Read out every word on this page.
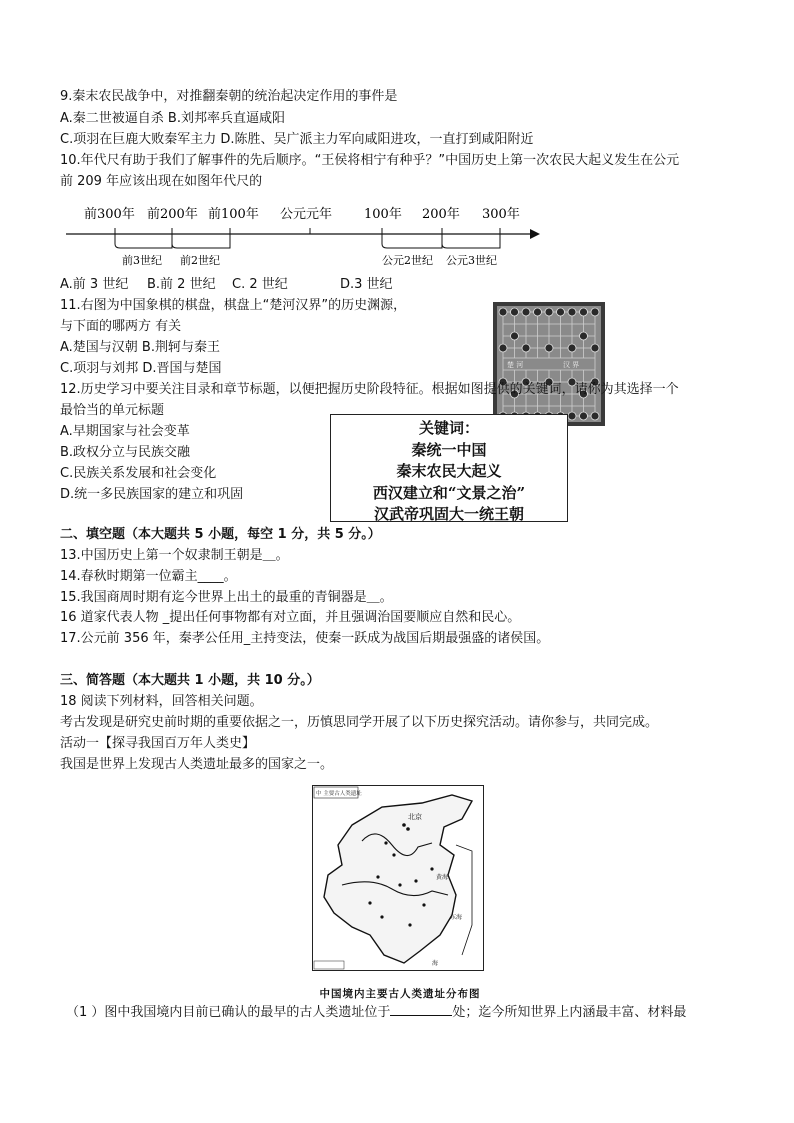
9.秦末农民战争中，对推翻秦朝的统治起决定作用的事件是
A.秦二世被逼自杀 B.刘邦率兵直逼咸阳
C.项羽在巨鹿大败秦军主力 D.陈胜、吴广派主力军向咸阳进攻，一直打到咸阳附近
10.年代尺有助于我们了解事件的先后顺序。“王侯将相宁有种乎？”中国历史上第一次农民大起义发生在公元
前 209 年应该出现在如图年代尺的
前300年 前200年 前100年 公元元年 100年 200年 300年
前3世纪 前2世纪	公元2世纪 公元3世纪
A.前 3 世纪 B.前 2 世纪 C. 2 世纪	D.3 世纪
11.右图为中国象棋的棋盘，棋盘上“楚河汉界”的历史渊源，
与下面的哪两方 有关
A.楚国与汉朝 B.荆轲与秦王
C.项羽与刘邦 D.晋国与楚国	楚 河	汉 界
12.历史学习中要关注目录和章节标题，以便把握历史阶段特征。根据如图提供的关键词，请你为其选择一个
最恰当的单元标题
A.早期国家与社会变革
B.政权分立与民族交融
C.民族关系发展和社会变化
D.统一多民族国家的建立和巩固
关键词：
秦统一中国
秦末农民大起义
西汉建立和“文景之治”
汉武帝巩固大一统王朝
二、填空题（本大题共 5 小题，每空 1 分，共 5 分。）
13.中国历史上第一个奴隶制王朝是＿。
14.春秋时期第一位霸主____。
15.我国商周时期有迄今世界上出土的最重的青铜器是＿。
16 道家代表人物 _提出任何事物都有对立面，并且强调治国要顺应自然和民心。
17.公元前 356 年，秦孝公任用_主持变法，使秦一跃成为战国后期最强盛的诸侯国。
三、简答题（本大题共 1 小题，共 10 分。）
18 阅读下列材料，回答相关问题。
考古发现是研究史前时期的重要依据之一，历慎思同学开展了以下历史探究活动。请你参与，共同完成。
活动一【探寻我国百万年人类史】
我国是世界上发现古人类遗址最多的国家之一。
中 主要古人类遗址
北京
黄海
东海
海
中国境内主要古人类遗址分布图
（1 ）图中我国境内目前已确认的最早的古人类遗址位于	处；迄今所知世界上内涵最丰富、材料最
